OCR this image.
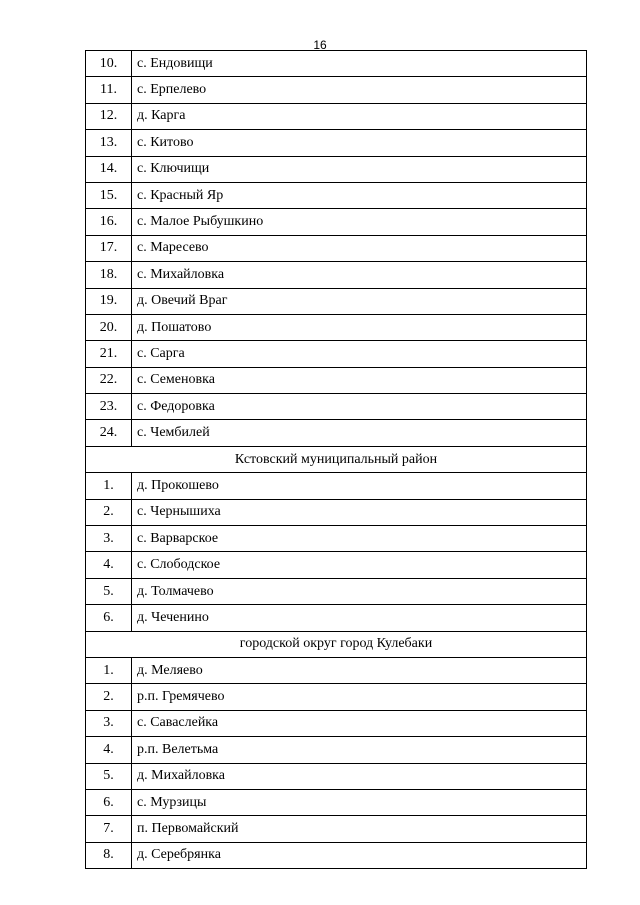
16
10.	с. Ендовищи
11.	с. Ерпелево
12.	д. Карга
13.	с. Китово
14.	с. Ключищи
15.	с. Красный Яр
16.	с. Малое Рыбушкино
17.	с. Маресево
18.	с. Михайловка
19.	д. Овечий Враг
20.	д. Пошатово
21.	с. Сарга
22.	с. Семеновка
23.	с. Федоровка
24.	с. Чембилей
Кстовский муниципальный район	
1.	д. Прокошево
2.	с. Чернышиха
3.	с. Варварское
4.	с. Слободское
5.	д. Толмачево
6.	д. Чеченино
городской округ город Кулебаки	
1.	д. Меляево
2.	р.п. Гремячево
3.	с. Саваслейка
4.	р.п. Велетьма
5.	д. Михайловка
6.	с. Мурзицы
7.	п. Первомайский
8.	д. Серебрянка
